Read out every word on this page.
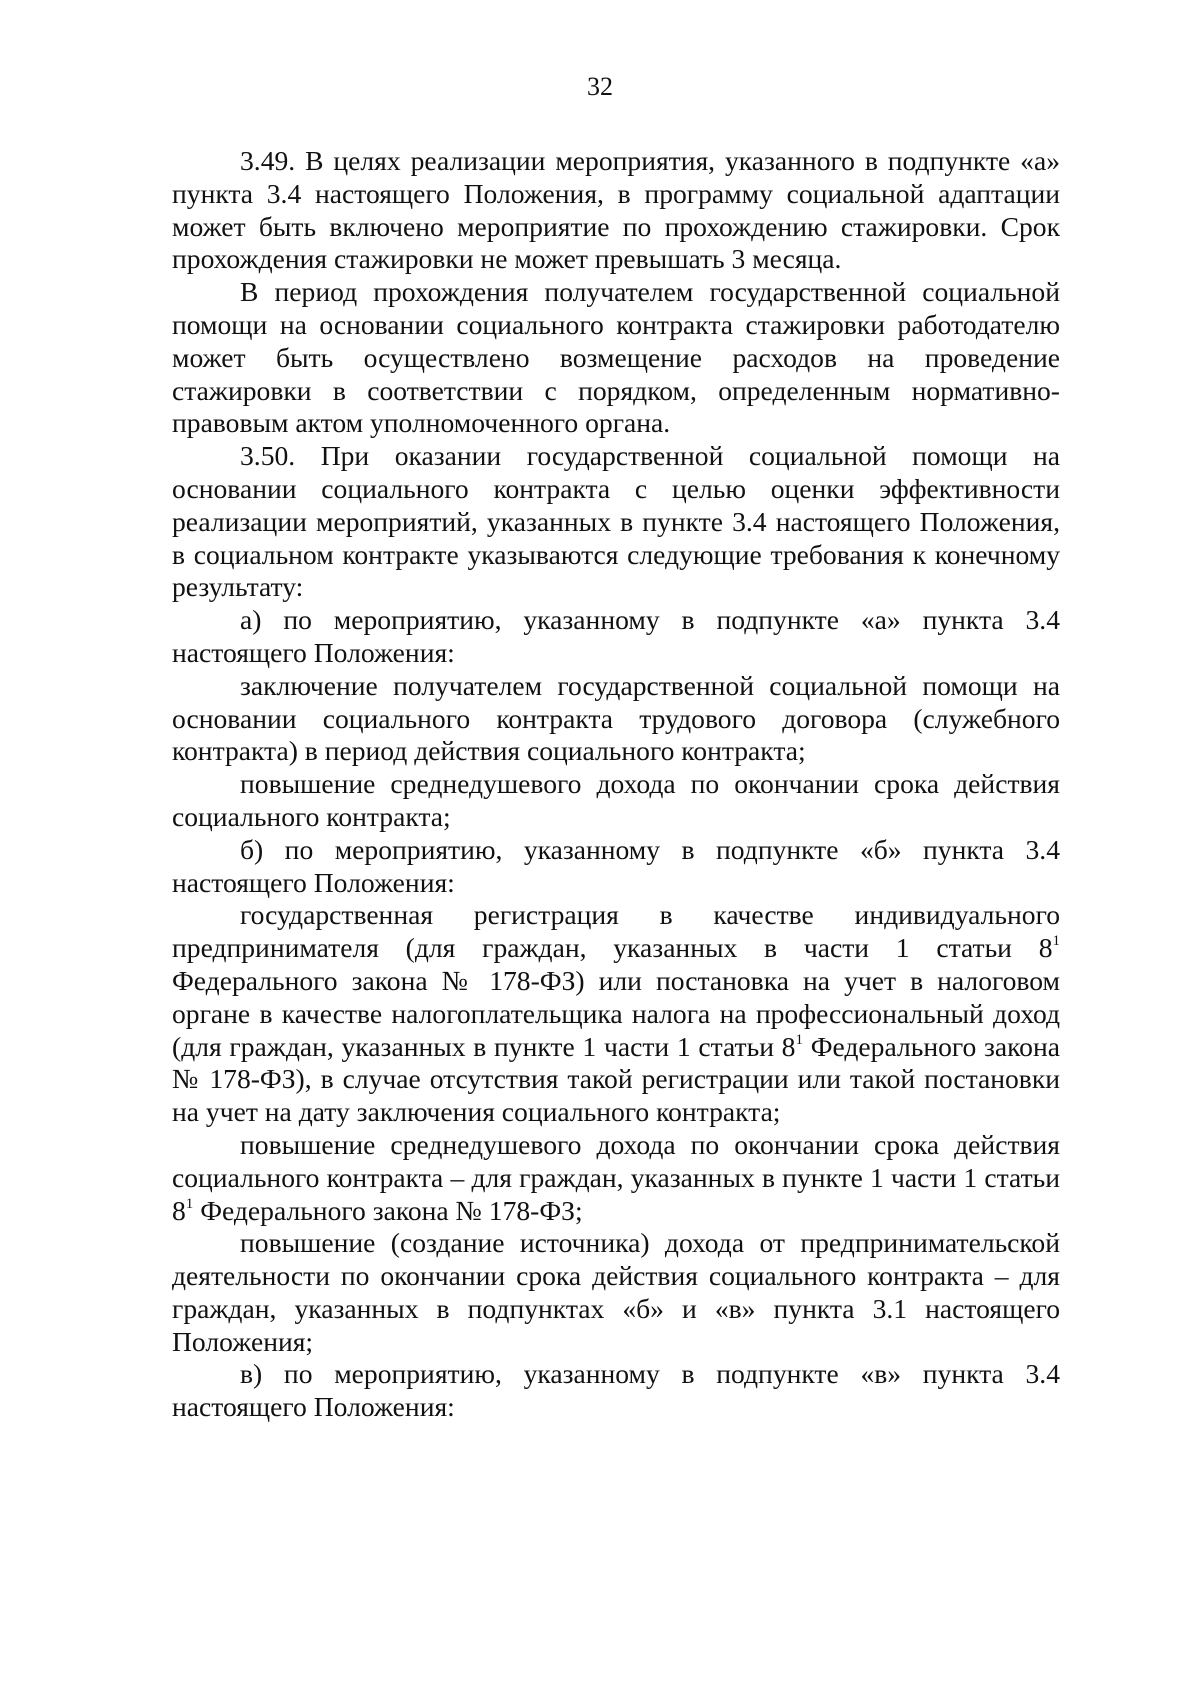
32

3.49. В целях реализации мероприятия, указанного в подпункте «а» пункта 3.4 настоящего Положения, в программу социальной адаптации может быть включено мероприятие по прохождению стажировки. Срок прохождения стажировки не может превышать 3 месяца.

В период прохождения получателем государственной социальной помощи на основании социального контракта стажировки работодателю может быть осуществлено возмещение расходов на проведение стажировки в соответствии с порядком, определенным нормативно-правовым актом уполномоченного органа.

3.50. При оказании государственной социальной помощи на основании социального контракта с целью оценки эффективности реализации мероприятий, указанных в пункте 3.4 настоящего Положения, в социальном контракте указываются следующие требования к конечному результату:

а) по мероприятию, указанному в подпункте «а» пункта 3.4 настоящего Положения:

заключение получателем государственной социальной помощи на основании социального контракта трудового договора (служебного контракта) в период действия социального контракта;

повышение среднедушевого дохода по окончании срока действия социального контракта;

б) по мероприятию, указанному в подпункте «б» пункта 3.4 настоящего Положения:

государственная регистрация в качестве индивидуального предпринимателя (для граждан, указанных в части 1 статьи $8^1$ Федерального закона № 178-ФЗ) или постановка на учет в налоговом органе в качестве налогоплательщика налога на профессиональный доход (для граждан, указанных в пункте 1 части 1 статьи $8^1$ Федерального закона № 178-ФЗ), в случае отсутствия такой регистрации или такой постановки на учет на дату заключения социального контракта;

повышение среднедушевого дохода по окончании срока действия социального контракта – для граждан, указанных в пункте 1 части 1 статьи $8^1$ Федерального закона № 178-ФЗ;

повышение (создание источника) дохода от предпринимательской деятельности по окончании срока действия социального контракта – для граждан, указанных в подпунктах «б» и «в» пункта 3.1 настоящего Положения;

в) по мероприятию, указанному в подпункте «в» пункта 3.4 настоящего Положения:
